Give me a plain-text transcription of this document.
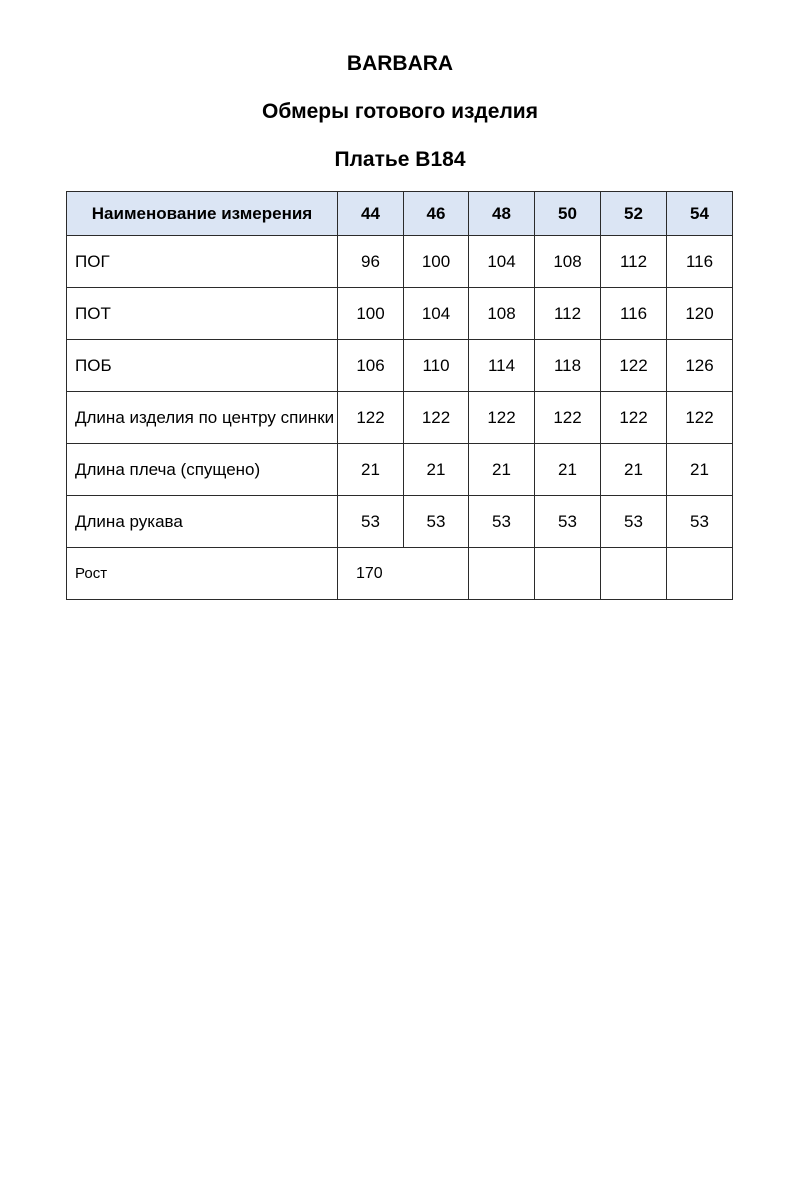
BARBARA
Обмеры готового изделия
Платье B184
Наименование измерения	44	46	48	50	52	54
ПОГ	96	100	104	108	112	116
ПОТ	100	104	108	112	116	120
ПОБ	106	110	114	118	122	126
Длина изделия по центру спинки	122	122	122	122	122	122
Длина плеча (спущено)	21	21	21	21	21	21
Длина рукава	53	53	53	53	53	53
Рост	170					
